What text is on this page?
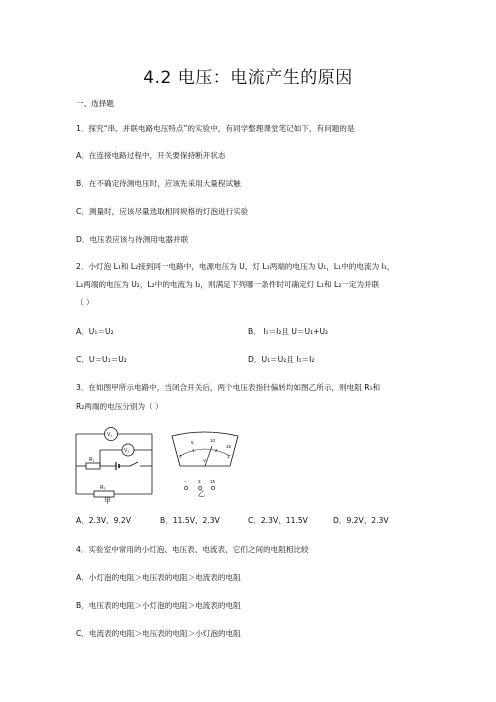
4.2 电压：电流产生的原因
一、选择题
1．探究“串、并联电路电压特点”的实验中，有同学整理课堂笔记如下，有问题的是
A．在连接电路过程中，开关要保持断开状态
B．在不确定待测电压时，应该先采用大量程试触
C．测量时，应该尽量选取相同规格的灯泡进行实验
D．电压表应该与待测用电器并联
2．小灯泡 L₁和 L₂接到同一电路中，电源电压为 U，灯 L₁两端的电压为 U₁，L₁中的电流为 I₁，
L₂两端的电压为 U₂，L₂中的电流为 I₂，则满足下列哪一条件时可确定灯 L₁和 L₂一定为并联
（ ）
A．U₁＝U₂	B． I₁＝I₂且 U＝U₁+U₂
C．U＝U₁＝U₂	D．U₁＝U₂且 I₁＝I₂
3．在如图甲所示电路中，当闭合开关后，两个电压表指针偏转均如图乙所示，则电阻 R₁和
R₂两端的电压分别为（ ）
V₁
V₂
R₁
R₂
甲
5	10
15
0
1	2
3
V
−	3 15
乙
A．2.3V、9.2V	B．11.5V、2.3V	C．2.3V、11.5V	D．9.2V、2.3V
4．实验室中常用的小灯泡、电压表、电流表，它们之间的电阻相比较
A．小灯泡的电阻＞电压表的电阻＞电流表的电阻
B．电压表的电阻＞小灯泡的电阻＞电流表的电阻
C．电流表的电阻＞电压表的电阻＞小灯泡的电阻
